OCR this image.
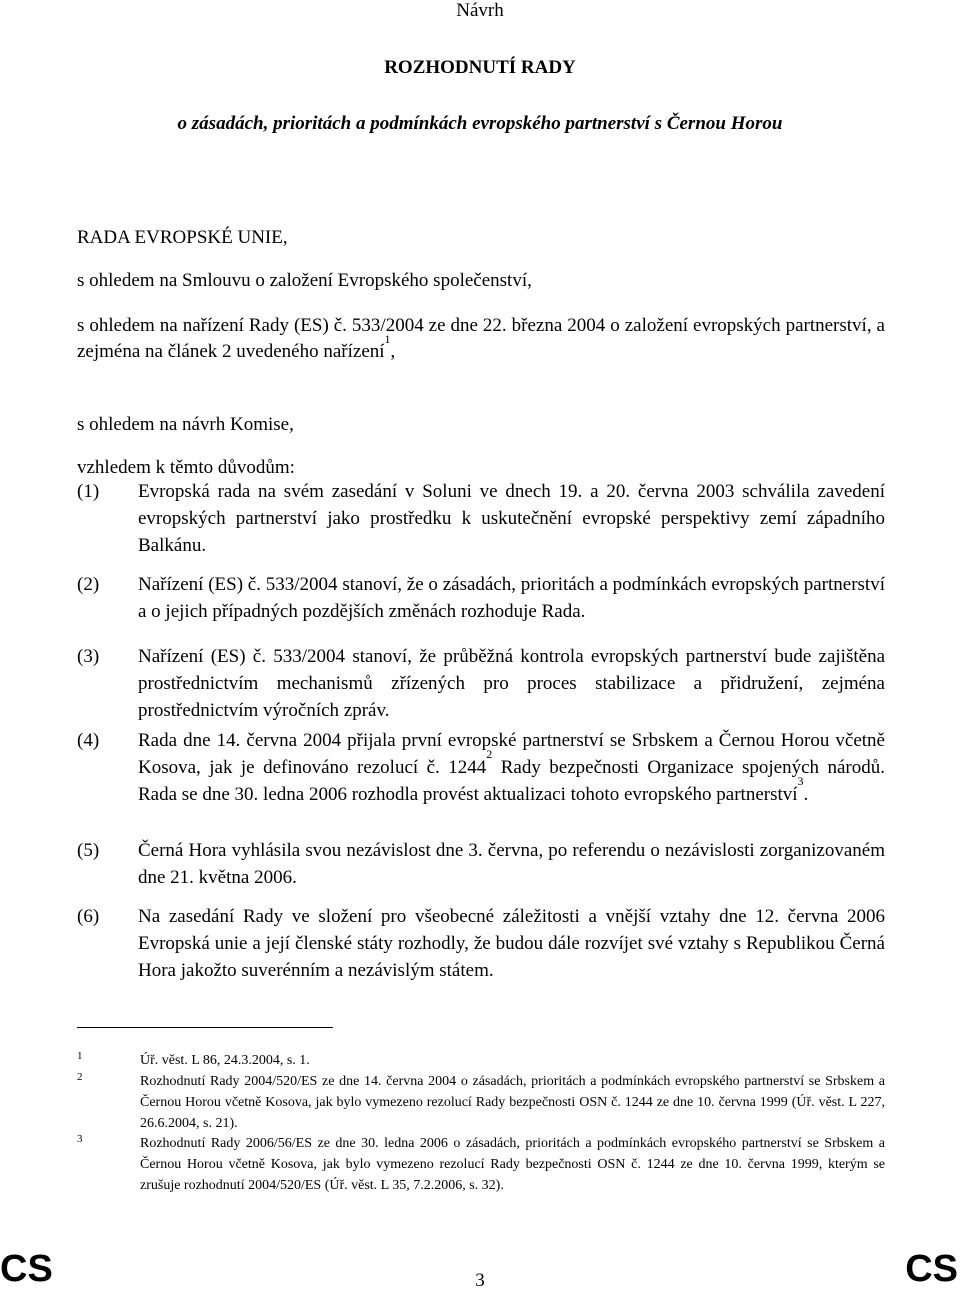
Návrh
ROZHODNUTÍ RADY
o zásadách, prioritách a podmínkách evropského partnerství s Černou Horou
RADA EVROPSKÉ UNIE,
s ohledem na Smlouvu o založení Evropského společenství,
s ohledem na nařízení Rady (ES) č. 533/2004 ze dne 22. března 2004 o založení evropských partnerství, a zejména na článek 2 uvedeného nařízení$^1$,
s ohledem na návrh Komise,
vzhledem k těmto důvodům:
(1)	Evropská rada na svém zasedání v Soluni ve dnech 19. a 20. června 2003 schválila zavedení evropských partnerství jako prostředku k uskutečnění evropské perspektivy zemí západního Balkánu.
(2)	Nařízení (ES) č. 533/2004 stanoví, že o zásadách, prioritách a podmínkách evropských partnerství a o jejich případných pozdějších změnách rozhoduje Rada.
(3)	Nařízení (ES) č. 533/2004 stanoví, že průběžná kontrola evropských partnerství bude zajištěna prostřednictvím mechanismů zřízených pro proces stabilizace a přidružení, zejména prostřednictvím výročních zpráv.
(4)	Rada dne 14. června 2004 přijala první evropské partnerství se Srbskem a Černou Horou včetně Kosova, jak je definováno rezolucí č. 1244$^2$ Rady bezpečnosti Organizace spojených národů. Rada se dne 30. ledna 2006 rozhodla provést aktualizaci tohoto evropského partnerství$^3$.
(5)	Černá Hora vyhlásila svou nezávislost dne 3. června, po referendu o nezávislosti zorganizovaném dne 21. května 2006.
(6)	Na zasedání Rady ve složení pro všeobecné záležitosti a vnější vztahy dne 12. června 2006 Evropská unie a její členské státy rozhodly, že budou dále rozvíjet své vztahy s Republikou Černá Hora jakožto suverénním a nezávislým státem.
1	Úř. věst. L 86, 24.3.2004, s. 1.
2	Rozhodnutí Rady 2004/520/ES ze dne 14. června 2004 o zásadách, prioritách a podmínkách evropského partnerství se Srbskem a Černou Horou včetně Kosova, jak bylo vymezeno rezolucí Rady bezpečnosti OSN č. 1244 ze dne 10. června 1999 (Úř. věst. L 227, 26.6.2004, s. 21).
3	Rozhodnutí Rady 2006/56/ES ze dne 30. ledna 2006 o zásadách, prioritách a podmínkách evropského partnerství se Srbskem a Černou Horou včetně Kosova, jak bylo vymezeno rezolucí Rady bezpečnosti OSN č. 1244 ze dne 10. června 1999, kterým se zrušuje rozhodnutí 2004/520/ES (Úř. věst. L 35, 7.2.2006, s. 32).
CS	3	CS
